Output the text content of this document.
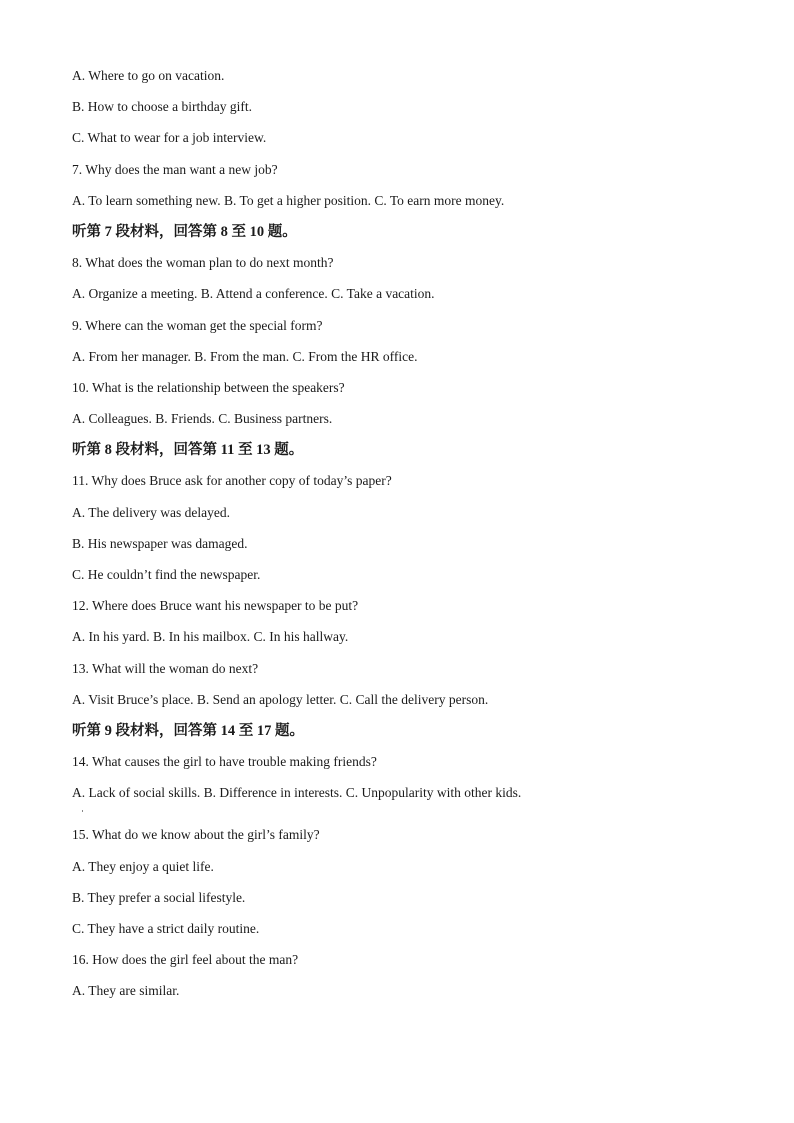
A. Where to go on vacation.
B. How to choose a birthday gift.
C. What to wear for a job interview.
7. Why does the man want a new job?
A. To learn something new. B. To get a higher position. C. To earn more money.
听第 7 段材料，回答第 8 至 10 题。
8. What does the woman plan to do next month?
A. Organize a meeting. B. Attend a conference. C. Take a vacation.
9. Where can the woman get the special form?
A. From her manager. B. From the man. C. From the HR office.
10. What is the relationship between the speakers?
A. Colleagues. B. Friends. C. Business partners.
听第 8 段材料，回答第 11 至 13 题。
11. Why does Bruce ask for another copy of today’s paper?
A. The delivery was delayed.
B. His newspaper was damaged.
C. He couldn’t find the newspaper.
12. Where does Bruce want his newspaper to be put?
A. In his yard. B. In his mailbox. C. In his hallway.
13. What will the woman do next?
A. Visit Bruce’s place. B. Send an apology letter. C. Call the delivery person.
听第 9 段材料，回答第 14 至 17 题。
14. What causes the girl to have trouble making friends?
A. Lack of social skills. B. Difference in interests. C. Unpopularity with other kids.
15. What do we know about the girl’s family?
A. They enjoy a quiet life.
B. They prefer a social lifestyle.
C. They have a strict daily routine.
16. How does the girl feel about the man?
A. They are similar.
